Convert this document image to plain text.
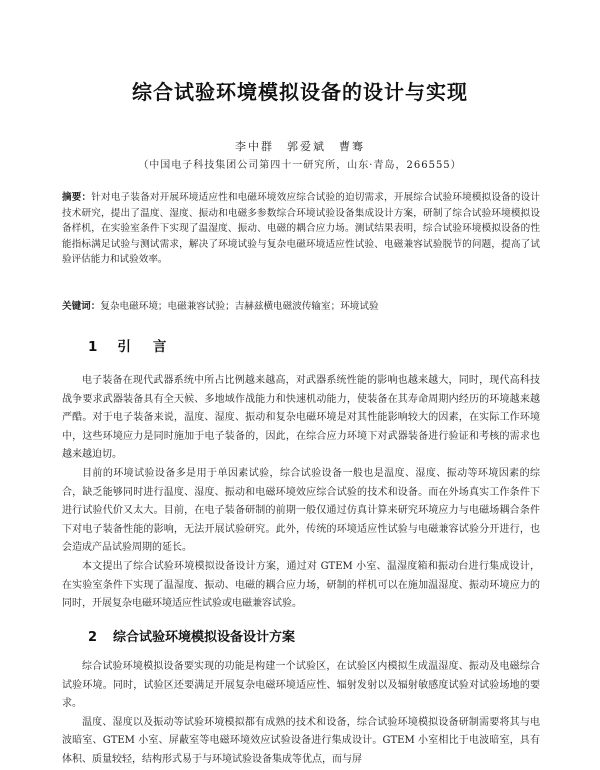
综合试验环境模拟设备的设计与实现
李中群　郭爱斌　曹骞
（中国电子科技集团公司第四十一研究所，山东·青岛，266555）
摘要：针对电子装备对开展环境适应性和电磁环境效应综合试验的迫切需求，开展综合试验环境模拟设备的设计技术研究，提出了温度、湿度、振动和电磁多参数综合环境试验设备集成设计方案，研制了综合试验环境模拟设备样机，在实验室条件下实现了温湿度、振动、电磁的耦合应力场。测试结果表明，综合试验环境模拟设备的性能指标满足试验与测试需求，解决了环境试验与复杂电磁环境适应性试验、电磁兼容试验脱节的问题，提高了试验评估能力和试验效率。
关键词：复杂电磁环境；电磁兼容试验；吉赫兹横电磁波传输室；环境试验
1 引 言

电子装备在现代武器系统中所占比例越来越高，对武器系统性能的影响也越来越大，同时，现代高科技战争要求武器装备具有全天候、多地域作战能力和快速机动能力，使装备在其寿命周期内经历的环境越来越严酷。对于电子装备来说，温度、湿度、振动和复杂电磁环境是对其性能影响较大的因素，在实际工作环境中，这些环境应力是同时施加于电子装备的，因此，在综合应力环境下对武器装备进行验证和考核的需求也越来越迫切。

目前的环境试验设备多是用于单因素试验，综合试验设备一般也是温度、湿度、振动等环境因素的综合，缺乏能够同时进行温度、湿度、振动和电磁环境效应综合试验的技术和设备。而在外场真实工作条件下进行试验代价又太大。目前，在电子装备研制的前期一般仅通过仿真计算来研究环境应力与电磁场耦合条件下对电子装备性能的影响，无法开展试验研究。此外，传统的环境适应性试验与电磁兼容试验分开进行，也会造成产品试验周期的延长。

本文提出了综合试验环境模拟设备设计方案，通过对 GTEM 小室、温湿度箱和振动台进行集成设计，在实验室条件下实现了温湿度、振动、电磁的耦合应力场，研制的样机可以在施加温湿度、振动环境应力的同时，开展复杂电磁环境适应性试验或电磁兼容试验。

2 综合试验环境模拟设备设计方案

综合试验环境模拟设备要实现的功能是构建一个试验区，在试验区内模拟生成温湿度、振动及电磁综合试验环境。同时，试验区还要满足开展复杂电磁环境适应性、辐射发射以及辐射敏感度试验对试验场地的要求。

温度、湿度以及振动等试验环境模拟都有成熟的技术和设备，综合试验环境模拟设备研制需要将其与电波暗室、GTEM 小室、屏蔽室等电磁环境效应试验设备进行集成设计。GTEM 小室相比于电波暗室，具有体积、质量较轻，结构形式易于与环境试验设备集成等优点，而与屏
